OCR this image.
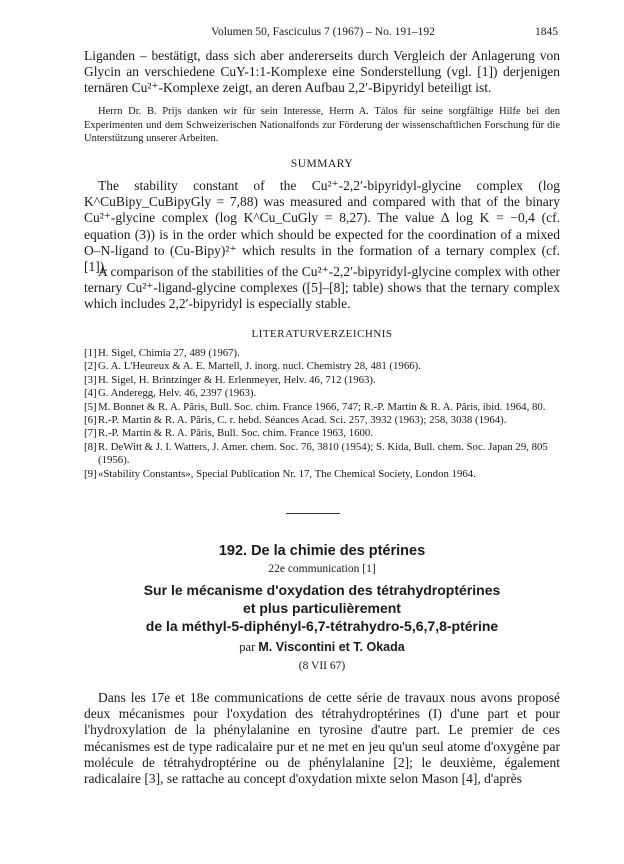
Volumen 50, Fasciculus 7 (1967) – No. 191–192	1845

Liganden – bestätigt, dass sich aber andererseits durch Vergleich der Anlagerung von Glycin an verschiedene CuY-1:1-Komplexe eine Sonderstellung (vgl. [1]) derjenigen ternären Cu²⁺-Komplexe zeigt, an deren Aufbau 2,2′-Bipyridyl beteiligt ist.

Herrn Dr. B. Prijs danken wir für sein Interesse, Herrn A. Tálos für seine sorgfältige Hilfe bei den Experimenten und dem Schweizerischen Nationalfonds zur Förderung der wissenschaftlichen Forschung für die Unterstützung unserer Arbeiten.

SUMMARY

The stability constant of the Cu²⁺-2,2′-bipyridyl-glycine complex (log K^CuBipy_CuBipyGly = 7,88) was measured and compared with that of the binary Cu²⁺-glycine complex (log K^Cu_CuGly = 8,27). The value Δ log K = −0,4 (cf. equation (3)) is in the order which should be expected for the coordination of a mixed O–N-ligand to (Cu-Bipy)²⁺ which results in the formation of a ternary complex (cf. [1]).

A comparison of the stabilities of the Cu²⁺-2,2′-bipyridyl-glycine complex with other ternary Cu²⁺-ligand-glycine complexes ([5]–[8]; table) shows that the ternary complex which includes 2,2′-bipyridyl is especially stable.

LITERATURVERZEICHNIS

[1] H. Sigel, Chimia 27, 489 (1967).
[2] G. A. L'Heureux & A. E. Martell, J. inorg. nucl. Chemistry 28, 481 (1966).
[3] H. Sigel, H. Brintzinger & H. Erlenmeyer, Helv. 46, 712 (1963).
[4] G. Anderegg, Helv. 46, 2397 (1963).
[5] M. Bonnet & R. A. Pâris, Bull. Soc. chim. France 1966, 747; R.-P. Martin & R. A. Pâris, ibid. 1964, 80.
[6] R.-P. Martin & R. A. Pâris, C. r. hebd. Séances Acad. Sci. 257, 3932 (1963); 258, 3038 (1964).
[7] R.-P. Martin & R. A. Pâris, Bull. Soc. chim. France 1963, 1600.
[8] R. DeWitt & J. I. Watters, J. Amer. chem. Soc. 76, 3810 (1954); S. Kida, Bull. chem. Soc. Japan 29, 805 (1956).
[9] «Stability Constants», Special Publication Nr. 17, The Chemical Society, London 1964.

192. De la chimie des ptérines

22e communication [1]

Sur le mécanisme d'oxydation des tétrahydroptérines
et plus particulièrement
de la méthyl-5-diphényl-6,7-tétrahydro-5,6,7,8-ptérine

par M. Viscontini et T. Okada

(8 VII 67)

Dans les 17e et 18e communications de cette série de travaux nous avons proposé deux mécanismes pour l'oxydation des tétrahydroptérines (I) d'une part et pour l'hydroxylation de la phénylalanine en tyrosine d'autre part. Le premier de ces mécanismes est de type radicalaire pur et ne met en jeu qu'un seul atome d'oxygène par molécule de tétrahydroptérine ou de phénylalanine [2]; le deuxième, également radicalaire [3], se rattache au concept d'oxydation mixte selon Mason [4], d'après
